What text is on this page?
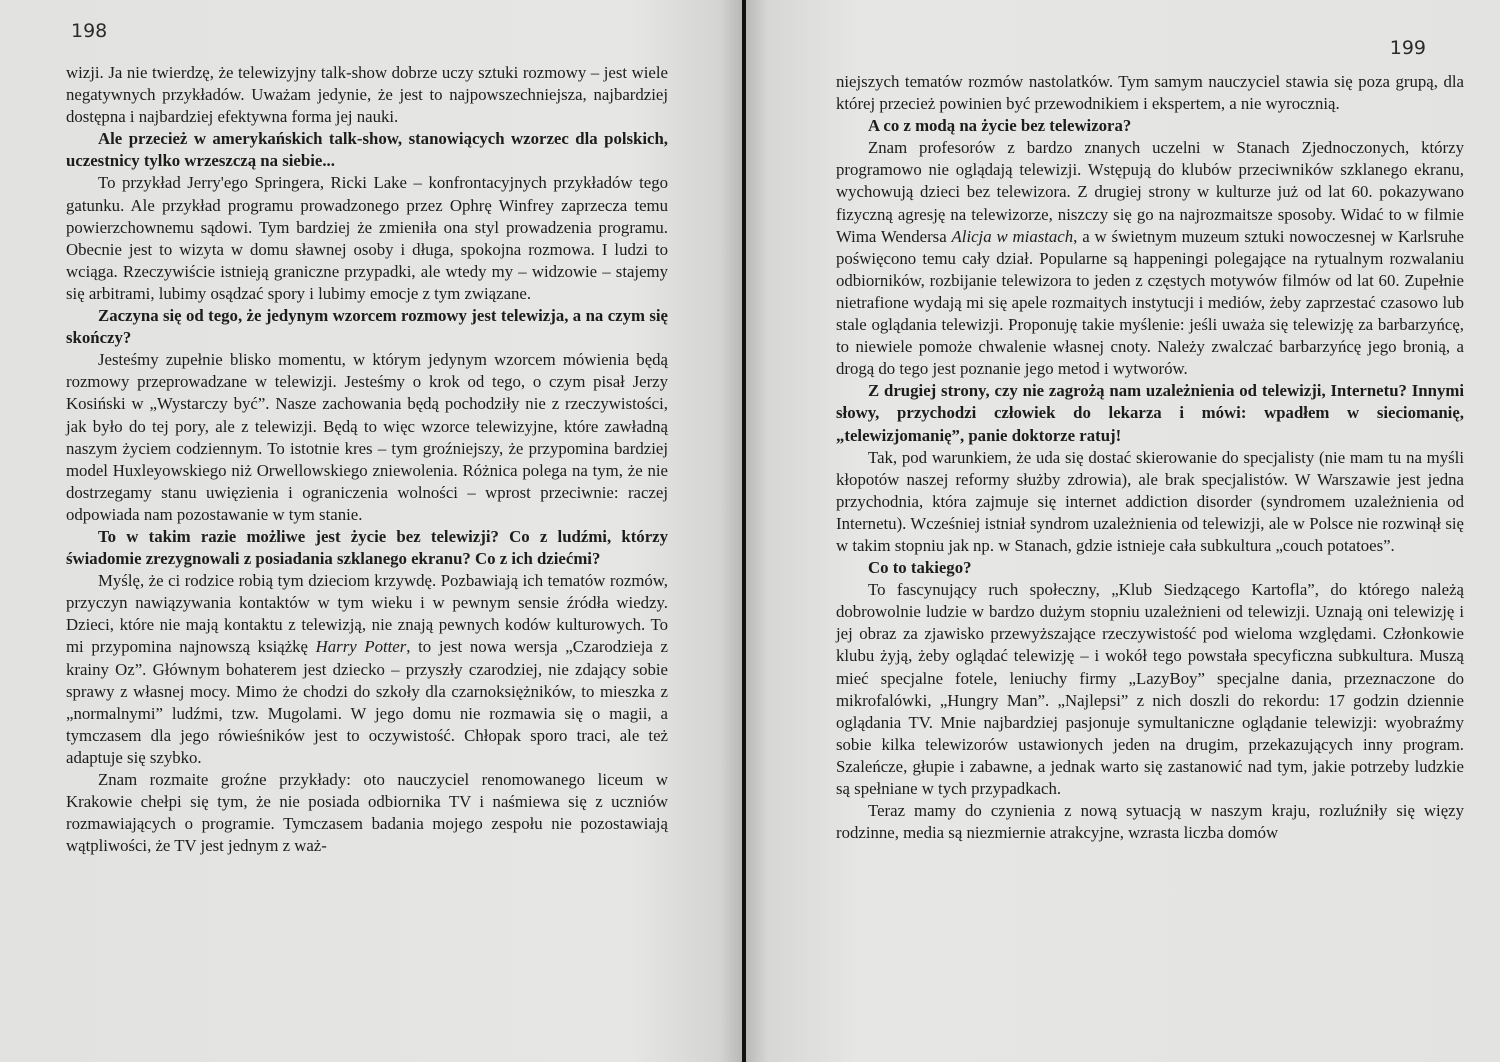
198

wizji. Ja nie twierdzę, że telewizyjny talk-show dobrze uczy sztuki rozmowy – jest wiele negatywnych przykładów. Uważam jedynie, że jest to najpowszechniejsza, najbardziej dostępna i najbardziej efektywna forma jej nauki.

Ale przecież w amerykańskich talk-show, stanowiących wzorzec dla polskich, uczestnicy tylko wrzeszczą na siebie...

To przykład Jerry'ego Springera, Ricki Lake – konfrontacyjnych przykładów tego gatunku. Ale przykład programu prowadzonego przez Ophrę Winfrey zaprzecza temu powierzchownemu sądowi. Tym bardziej że zmieniła ona styl prowadzenia programu. Obecnie jest to wizyta w domu sławnej osoby i długa, spokojna rozmowa. I ludzi to wciąga. Rzeczywiście istnieją graniczne przypadki, ale wtedy my – widzowie – stajemy się arbitrami, lubimy osądzać spory i lubimy emocje z tym związane.

Zaczyna się od tego, że jedynym wzorcem rozmowy jest telewizja, a na czym się skończy?

Jesteśmy zupełnie blisko momentu, w którym jedynym wzorcem mówienia będą rozmowy przeprowadzane w telewizji. Jesteśmy o krok od tego, o czym pisał Jerzy Kosiński w „Wystarczy być”. Nasze zachowania będą pochodziły nie z rzeczywistości, jak było do tej pory, ale z telewizji. Będą to więc wzorce telewizyjne, które zawładną naszym życiem codziennym. To istotnie kres – tym groźniejszy, że przypomina bardziej model Huxleyowskiego niż Orwellowskiego zniewolenia. Różnica polega na tym, że nie dostrzegamy stanu uwięzienia i ograniczenia wolności – wprost przeciwnie: raczej odpowiada nam pozostawanie w tym stanie.

To w takim razie możliwe jest życie bez telewizji? Co z ludźmi, którzy świadomie zrezygnowali z posiadania szklanego ekranu? Co z ich dziećmi?

Myślę, że ci rodzice robią tym dzieciom krzywdę. Pozbawiają ich tematów rozmów, przyczyn nawiązywania kontaktów w tym wieku i w pewnym sensie źródła wiedzy. Dzieci, które nie mają kontaktu z telewizją, nie znają pewnych kodów kulturowych. To mi przypomina najnowszą książkę Harry Potter, to jest nowa wersja „Czarodzieja z krainy Oz”. Głównym bohaterem jest dziecko – przyszły czarodziej, nie zdający sobie sprawy z własnej mocy. Mimo że chodzi do szkoły dla czarnoksiężników, to mieszka z „normalnymi” ludźmi, tzw. Mugolami. W jego domu nie rozmawia się o magii, a tymczasem dla jego rówieśników jest to oczywistość. Chłopak sporo traci, ale też adaptuje się szybko.

Znam rozmaite groźne przykłady: oto nauczyciel renomowanego liceum w Krakowie chełpi się tym, że nie posiada odbiornika TV i naśmiewa się z uczniów rozmawiających o programie. Tymczasem badania mojego zespołu nie pozostawiają wątpliwości, że TV jest jednym z waż-

199

niejszych tematów rozmów nastolatków. Tym samym nauczyciel stawia się poza grupą, dla której przecież powinien być przewodnikiem i ekspertem, a nie wyrocznią.

A co z modą na życie bez telewizora?

Znam profesorów z bardzo znanych uczelni w Stanach Zjednoczonych, którzy programowo nie oglądają telewizji. Wstępują do klubów przeciwników szklanego ekranu, wychowują dzieci bez telewizora. Z drugiej strony w kulturze już od lat 60. pokazywano fizyczną agresję na telewizorze, niszczy się go na najrozmaitsze sposoby. Widać to w filmie Wima Wendersa Alicja w miastach, a w świetnym muzeum sztuki nowoczesnej w Karlsruhe poświęcono temu cały dział. Popularne są happeningi polegające na rytualnym rozwalaniu odbiorników, rozbijanie telewizora to jeden z częstych motywów filmów od lat 60. Zupełnie nietrafione wydają mi się apele rozmaitych instytucji i mediów, żeby zaprzestać czasowo lub stale oglądania telewizji. Proponuję takie myślenie: jeśli uważa się telewizję za barbarzyńcę, to niewiele pomoże chwalenie własnej cnoty. Należy zwalczać barbarzyńcę jego bronią, a drogą do tego jest poznanie jego metod i wytworów.

Z drugiej strony, czy nie zagrożą nam uzależnienia od telewizji, Internetu? Innymi słowy, przychodzi człowiek do lekarza i mówi: wpadłem w sieciomanię, „telewizjomanię”, panie doktorze ratuj!

Tak, pod warunkiem, że uda się dostać skierowanie do specjalisty (nie mam tu na myśli kłopotów naszej reformy służby zdrowia), ale brak specjalistów. W Warszawie jest jedna przychodnia, która zajmuje się internet addiction disorder (syndromem uzależnienia od Internetu). Wcześniej istniał syndrom uzależnienia od telewizji, ale w Polsce nie rozwinął się w takim stopniu jak np. w Stanach, gdzie istnieje cała subkultura „couch potatoes”.

Co to takiego?

To fascynujący ruch społeczny, „Klub Siedzącego Kartofla”, do którego należą dobrowolnie ludzie w bardzo dużym stopniu uzależnieni od telewizji. Uznają oni telewizję i jej obraz za zjawisko przewyższające rzeczywistość pod wieloma względami. Członkowie klubu żyją, żeby oglądać telewizję – i wokół tego powstała specyficzna subkultura. Muszą mieć specjalne fotele, leniuchy firmy „LazyBoy” specjalne dania, przeznaczone do mikrofalówki, „Hungry Man”. „Najlepsi” z nich doszli do rekordu: 17 godzin dziennie oglądania TV. Mnie najbardziej pasjonuje symultaniczne oglądanie telewizji: wyobraźmy sobie kilka telewizorów ustawionych jeden na drugim, przekazujących inny program. Szaleńcze, głupie i zabawne, a jednak warto się zastanowić nad tym, jakie potrzeby ludzkie są spełniane w tych przypadkach.

Teraz mamy do czynienia z nową sytuacją w naszym kraju, rozluźniły się więzy rodzinne, media są niezmiernie atrakcyjne, wzrasta liczba domów
